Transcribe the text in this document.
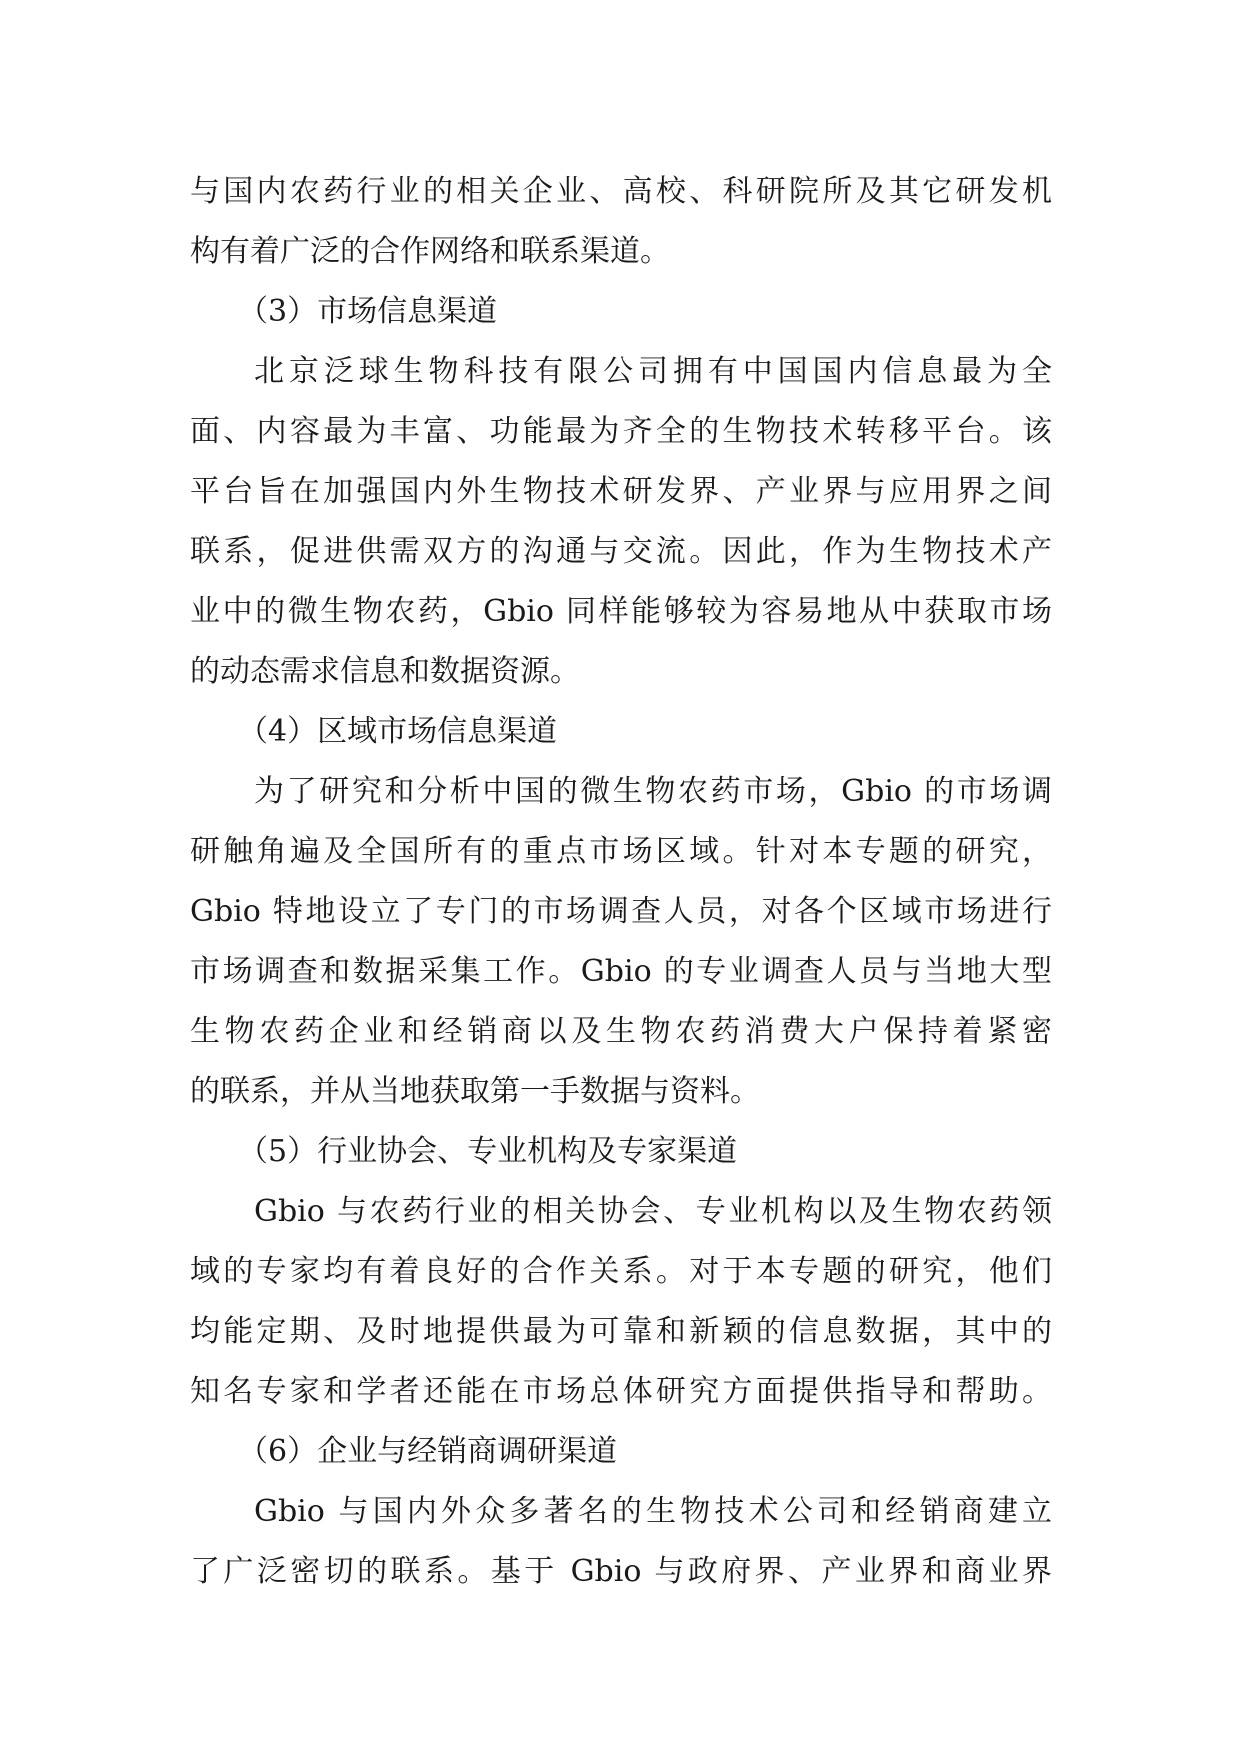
与国内农药行业的相关企业、高校、科研院所及其它研发机
构有着广泛的合作网络和联系渠道。
（3）市场信息渠道
北京泛球生物科技有限公司拥有中国国内信息最为全
面、内容最为丰富、功能最为齐全的生物技术转移平台。该
平台旨在加强国内外生物技术研发界、产业界与应用界之间
联系，促进供需双方的沟通与交流。因此，作为生物技术产
业中的微生物农药，Gbio 同样能够较为容易地从中获取市场
的动态需求信息和数据资源。
（4）区域市场信息渠道
为了研究和分析中国的微生物农药市场，Gbio 的市场调
研触角遍及全国所有的重点市场区域。针对本专题的研究，
Gbio 特地设立了专门的市场调查人员，对各个区域市场进行
市场调查和数据采集工作。Gbio 的专业调查人员与当地大型
生物农药企业和经销商以及生物农药消费大户保持着紧密
的联系，并从当地获取第一手数据与资料。
（5）行业协会、专业机构及专家渠道
Gbio 与农药行业的相关协会、专业机构以及生物农药领
域的专家均有着良好的合作关系。对于本专题的研究，他们
均能定期、及时地提供最为可靠和新颖的信息数据，其中的
知名专家和学者还能在市场总体研究方面提供指导和帮助。
（6）企业与经销商调研渠道
Gbio 与国内外众多著名的生物技术公司和经销商建立
了广泛密切的联系。基于 Gbio 与政府界、产业界和商业界
